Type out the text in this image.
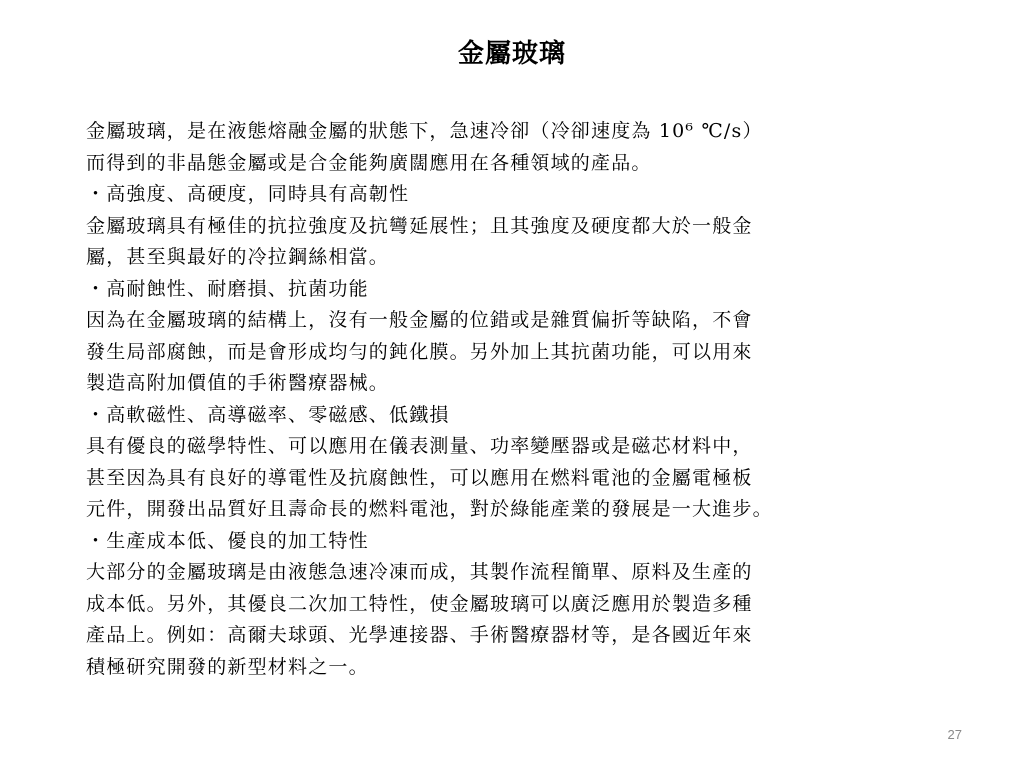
金屬玻璃
金屬玻璃，是在液態熔融金屬的狀態下，急速冷卻（冷卻速度為 10⁶ ℃/s）
而得到的非晶態金屬或是合金能夠廣闊應用在各種領域的產品。
・高強度、高硬度，同時具有高韌性
金屬玻璃具有極佳的抗拉強度及抗彎延展性；且其強度及硬度都大於一般金
屬，甚至與最好的冷拉鋼絲相當。
・高耐蝕性、耐磨損、抗菌功能
因為在金屬玻璃的結構上，沒有一般金屬的位錯或是雜質偏折等缺陷，不會
發生局部腐蝕，而是會形成均勻的鈍化膜。另外加上其抗菌功能，可以用來
製造高附加價值的手術醫療器械。
・高軟磁性、高導磁率、零磁感、低鐵損
具有優良的磁學特性、可以應用在儀表測量、功率變壓器或是磁芯材料中，
甚至因為具有良好的導電性及抗腐蝕性，可以應用在燃料電池的金屬電極板
元件，開發出品質好且壽命長的燃料電池，對於綠能產業的發展是一大進步。
・生產成本低、優良的加工特性
大部分的金屬玻璃是由液態急速冷凍而成，其製作流程簡單、原料及生產的
成本低。另外，其優良二次加工特性，使金屬玻璃可以廣泛應用於製造多種
產品上。例如：高爾夫球頭、光學連接器、手術醫療器材等，是各國近年來
積極研究開發的新型材料之一。
27
